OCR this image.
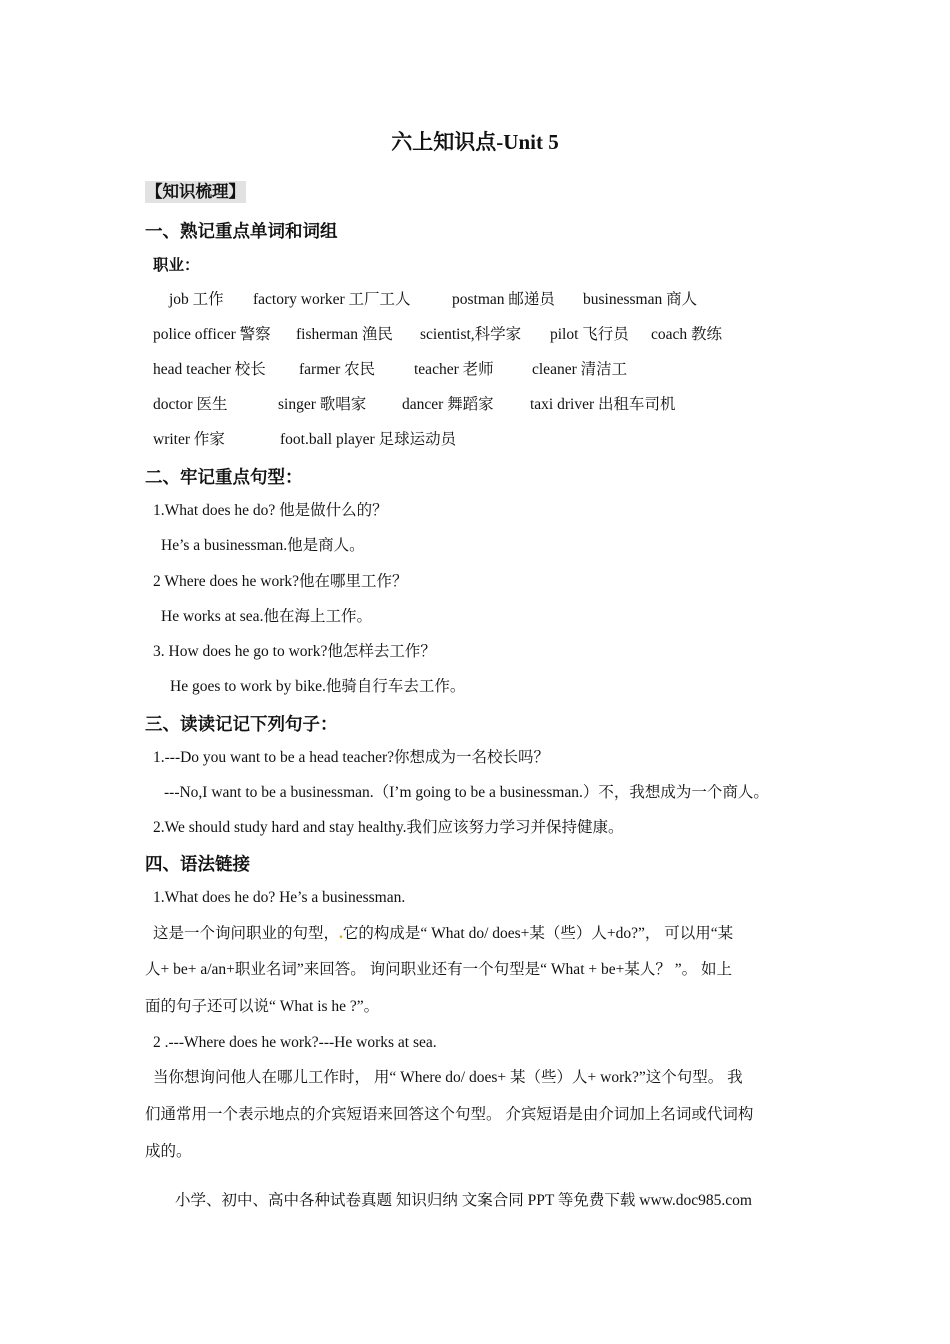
六上知识点-Unit 5
【知识梳理】
一、熟记重点单词和词组
职业：
job 工作 factory worker 工厂工人	postman 邮递员 businessman 商人
police officer 警察 fisherman 渔民 scientist,科学家 pilot 飞行员 coach 教练
head teacher 校长 farmer 农民	teacher 老师 cleaner 清洁工
doctor 医生	singer 歌唱家 dancer 舞蹈家 taxi driver 出租车司机
writer 作家	foot.ball player 足球运动员
二、牢记重点句型：
1.What does he do? 他是做什么的？
He’s a businessman.他是商人。
2 Where does he work?他在哪里工作？
He works at sea.他在海上工作。
3. How does he go to work?他怎样去工作？
He goes to work by bike.他骑自行车去工作。
三、读读记记下列句子：
1.---Do you want to be a head teacher?你想成为一名校长吗？
---No,I want to be a businessman.（I’m going to be a businessman.）不，我想成为一个商人。
2.We should study hard and stay healthy.我们应该努力学习并保持健康。
四、语法链接
1.What does he do? He’s a businessman.
这是一个询问职业的句型，.它的构成是“ What do/ does+某（些）人+do?”， 可以用“某
人+ be+ a/an+职业名词”来回答。 询问职业还有一个句型是“ What + be+某人？ ”。 如上
面的句子还可以说“ What is he ?”。
2 .---Where does he work?---He works at sea.
当你想询问他人在哪儿工作时， 用“ Where do/ does+ 某（些）人+ work?”这个句型。 我
们通常用一个表示地点的介宾短语来回答这个句型。 介宾短语是由介词加上名词或代词构
成的。
小学、初中、高中各种试卷真题 知识归纳 文案合同 PPT 等免费下载 www.doc985.com
